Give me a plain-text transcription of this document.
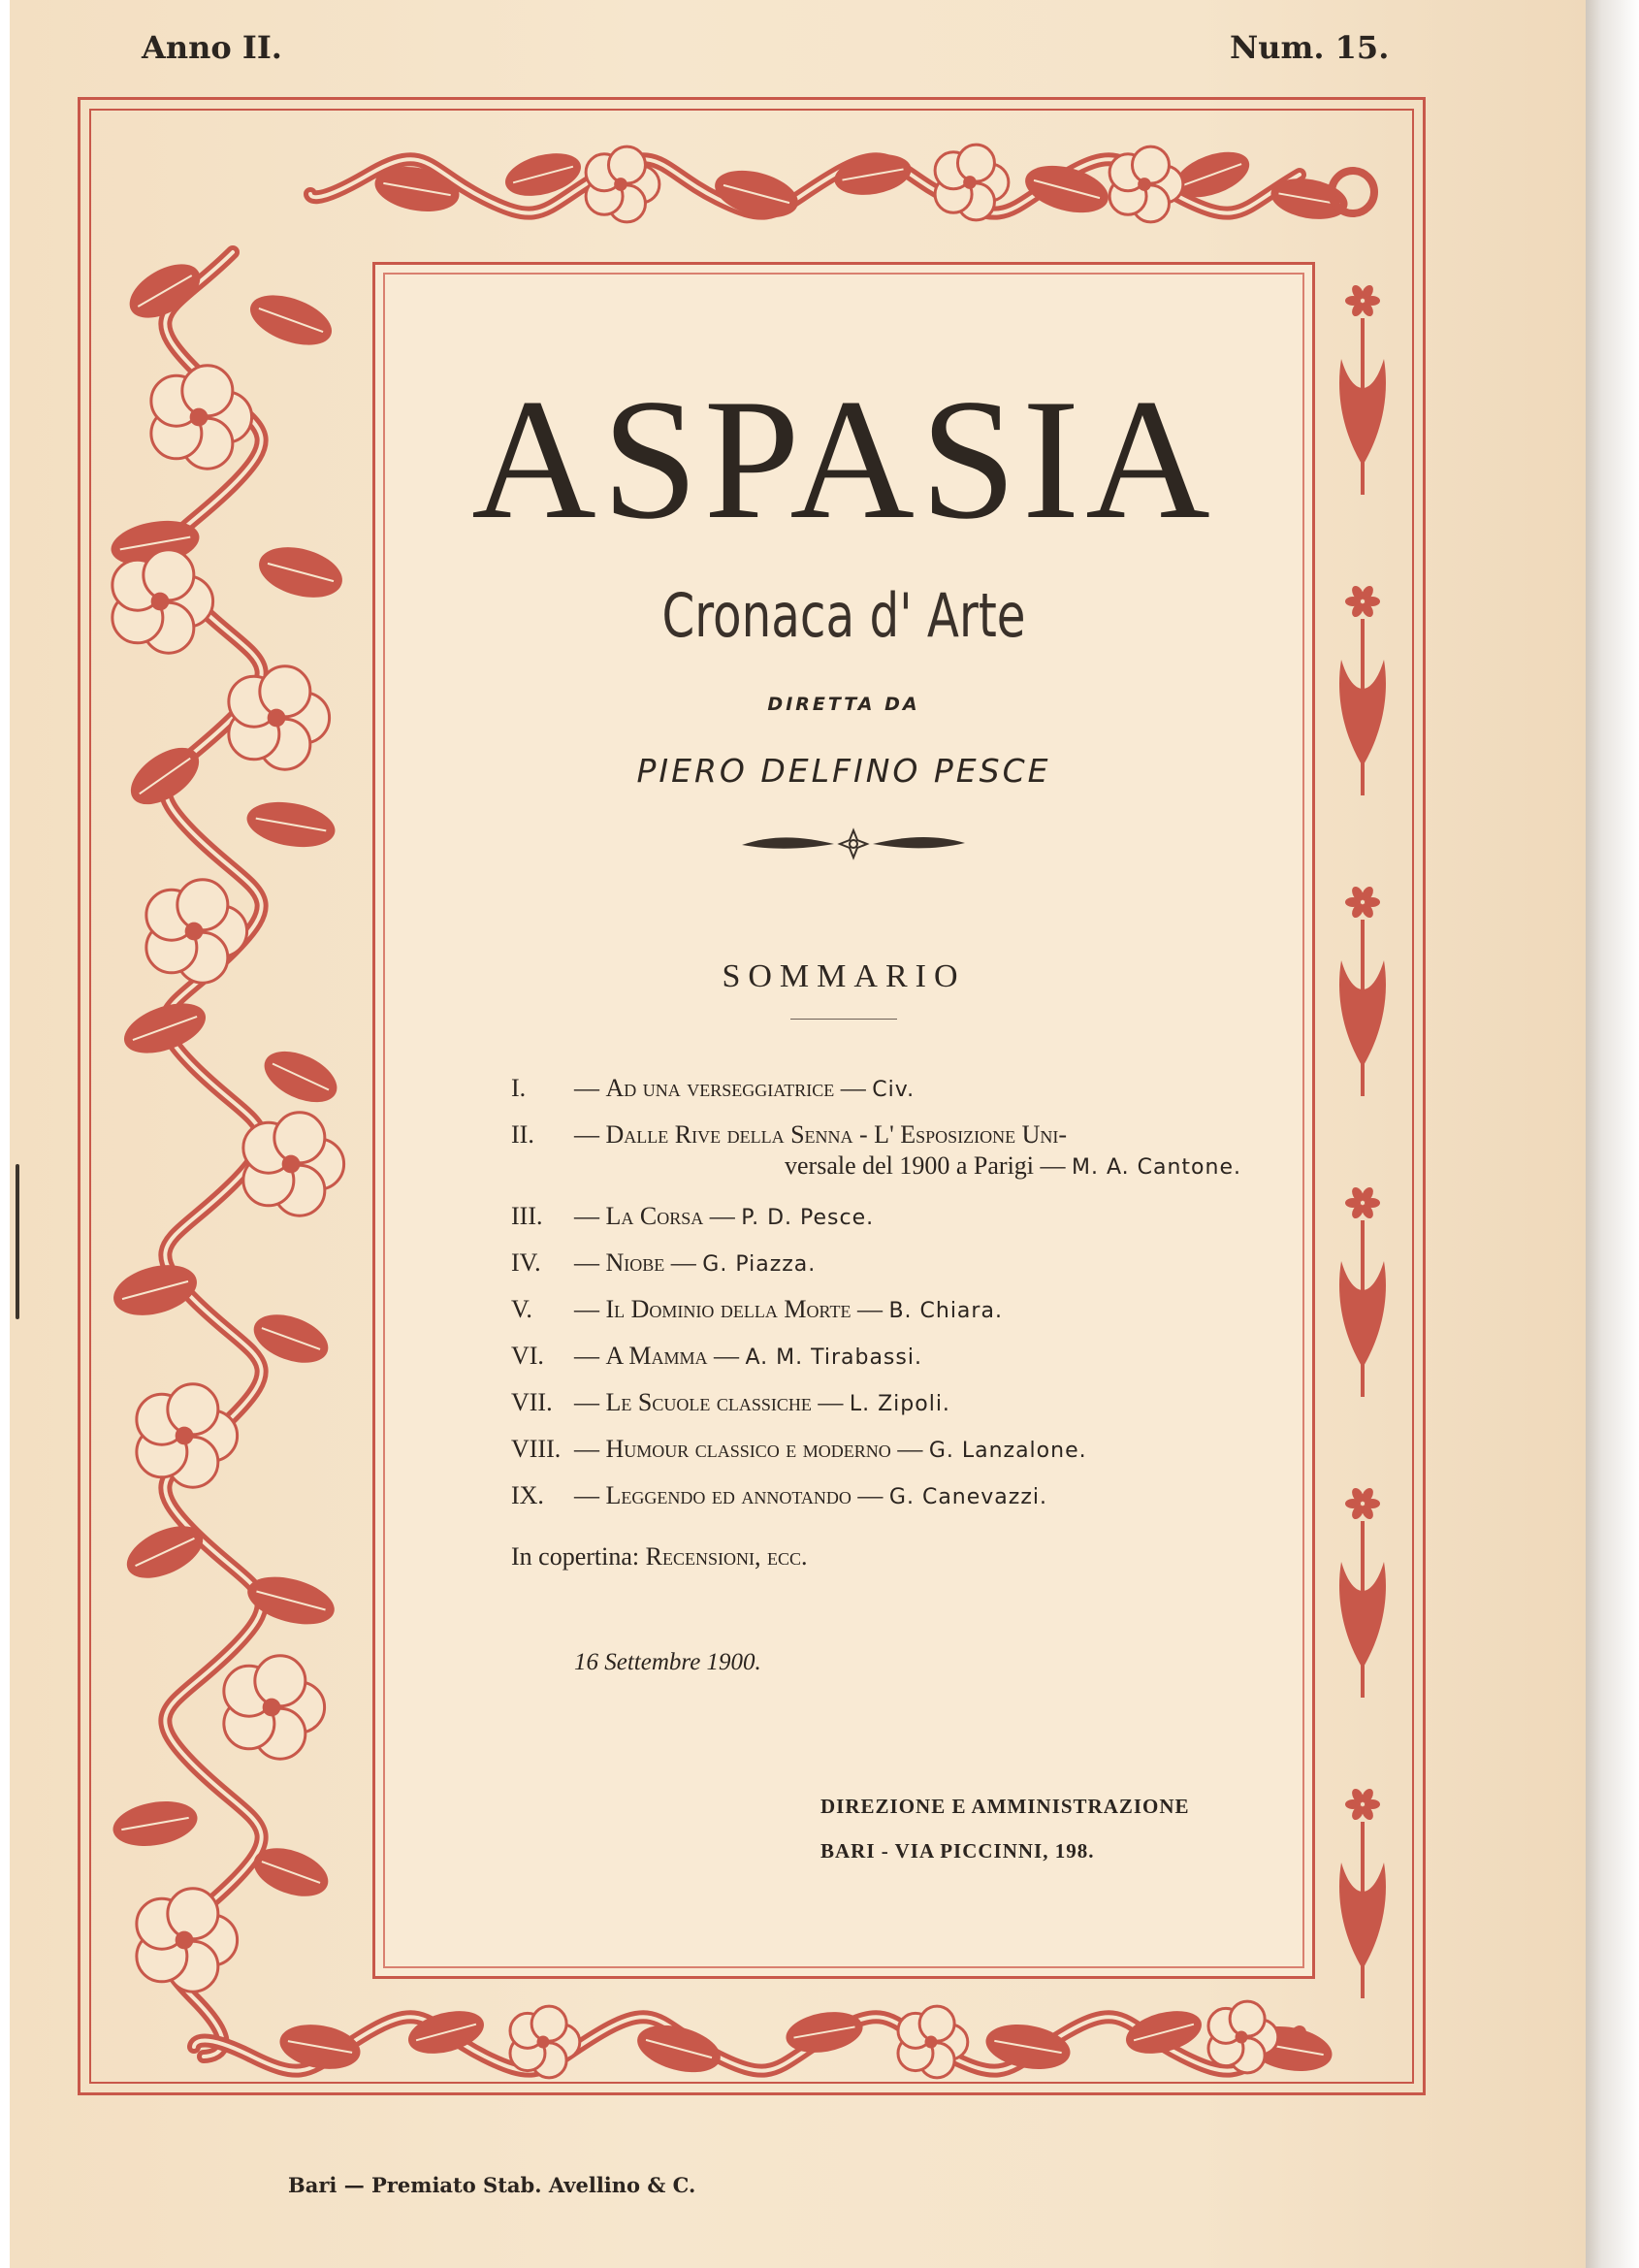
Anno II.	Num. 15.
ASPASIA
Cronaca d' Arte
DIRETTA DA
PIERO DELFINO PESCE
SOMMARIO
I.	— Ad una verseggiatrice — Civ.
II.	— Dalle Rive della Senna - L' Esposizione Uni-
versale del 1900 a Parigi — M. A. Cantone.
III.	— La Corsa — P. D. Pesce.
IV.	— Niobe — G. Piazza.
V.	— Il Dominio della Morte — B. Chiara.
VI.	— A Mamma — A. M. Tirabassi.
VII. — Le Scuole classiche — L. Zipoli.
VIII. — Humour classico e moderno — G. Lanzalone.
IX.	— Leggendo ed annotando — G. Canevazzi.
In copertina: Recensioni, ecc.
16 Settembre 1900.
DIREZIONE E AMMINISTRAZIONE
BARI - VIA PICCINNI, 198.
Bari — Premiato Stab. Avellino & C.
